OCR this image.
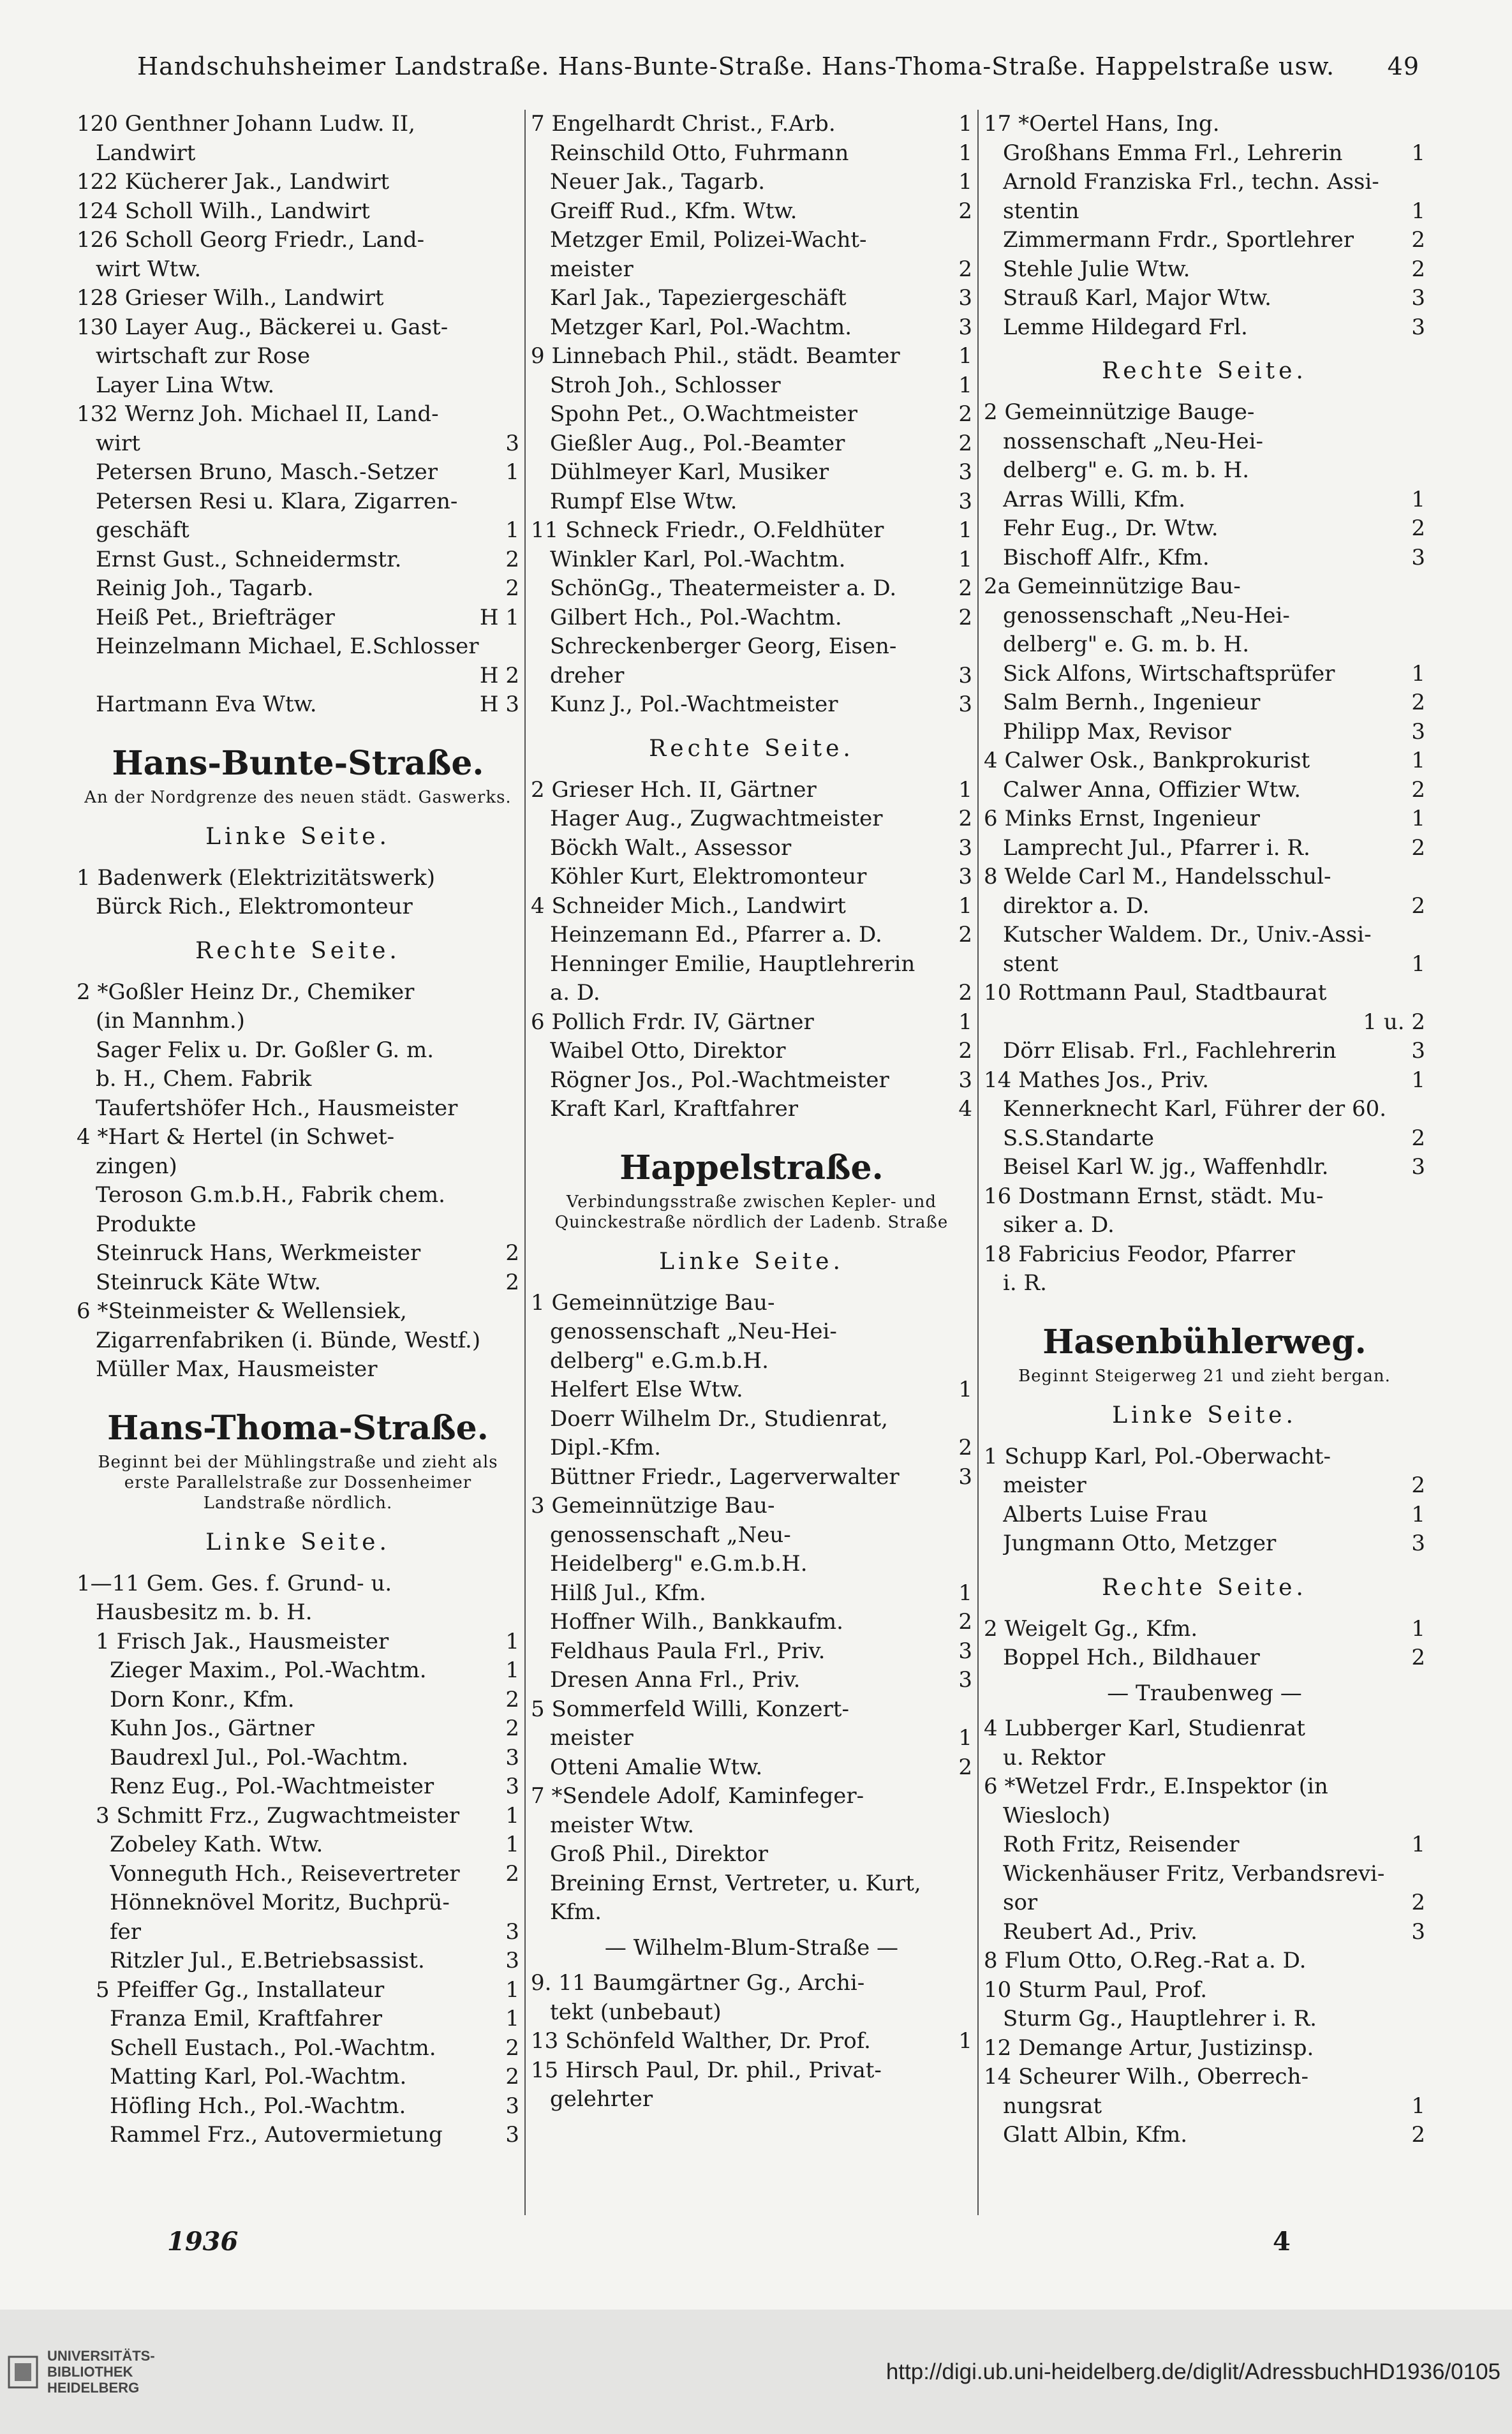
Handschuhsheimer Landstraße. Hans-Bunte-Straße. Hans-Thoma-Straße. Happelstraße usw. 49
120 Genthner Johann Ludw. II,
Landwirt
122 Kücherer Jak., Landwirt
124 Scholl Wilh., Landwirt
126 Scholl Georg Friedr., Land-
wirt Wtw.
128 Grieser Wilh., Landwirt
130 Layer Aug., Bäckerei u. Gast-
wirtschaft zur Rose
Layer Lina Wtw.
132 Wernz Joh. Michael II, Land-
wirt	3
Petersen Bruno, Masch.-Setzer	1
Petersen Resi u. Klara, Zigarren-
geschäft	1
Ernst Gust., Schneidermstr.	2
Reinig Joh., Tagarb.	2
Heiß Pet., Briefträger	H 1
Heinzelmann Michael, E.Schlosser
H 2
Hartmann Eva Wtw.	H 3
Hans-Bunte-Straße.
An der Nordgrenze des neuen städt. Gaswerks.
Linke Seite.
1 Badenwerk (Elektrizitätswerk)
Bürck Rich., Elektromonteur
Rechte Seite.
2 *Goßler Heinz Dr., Chemiker
(in Mannhm.)
Sager Felix u. Dr. Goßler G. m.
b. H., Chem. Fabrik
Taufertshöfer Hch., Hausmeister
4 *Hart & Hertel (in Schwet-
zingen)
Teroson G.m.b.H., Fabrik chem.
Produkte
Steinruck Hans, Werkmeister	2
Steinruck Käte Wtw.	2
6 *Steinmeister & Wellensiek,
Zigarrenfabriken (i. Bünde, Westf.)
Müller Max, Hausmeister
Hans-Thoma-Straße.
Beginnt bei der Mühlingstraße und zieht als erste Parallelstraße zur Dossenheimer Landstraße nördlich.
Linke Seite.
1—11 Gem. Ges. f. Grund- u.
Hausbesitz m. b. H.
1 Frisch Jak., Hausmeister	1
Zieger Maxim., Pol.-Wachtm.	1
Dorn Konr., Kfm.	2
Kuhn Jos., Gärtner	2
Baudrexl Jul., Pol.-Wachtm.	3
Renz Eug., Pol.-Wachtmeister	3
3 Schmitt Frz., Zugwachtmeister	1
Zobeley Kath. Wtw.	1
Vonneguth Hch., Reisevertreter	2
Hönneknövel Moritz, Buchprü-
fer	3
Ritzler Jul., E.Betriebsassist.	3
5 Pfeiffer Gg., Installateur	1
Franza Emil, Kraftfahrer	1
Schell Eustach., Pol.-Wachtm.	2
Matting Karl, Pol.-Wachtm.	2
Höfling Hch., Pol.-Wachtm.	3
Rammel Frz., Autovermietung	3
7 Engelhardt Christ., F.Arb.	1
Reinschild Otto, Fuhrmann	1
Neuer Jak., Tagarb.	1
Greiff Rud., Kfm. Wtw.	2
Metzger Emil, Polizei-Wacht-
meister	2
Karl Jak., Tapeziergeschäft	3
Metzger Karl, Pol.-Wachtm.	3
9 Linnebach Phil., städt. Beamter	1
Stroh Joh., Schlosser	1
Spohn Pet., O.Wachtmeister	2
Gießler Aug., Pol.-Beamter	2
Dühlmeyer Karl, Musiker	3
Rumpf Else Wtw.	3
11 Schneck Friedr., O.Feldhüter	1
Winkler Karl, Pol.-Wachtm.	1
SchönGg., Theatermeister a. D.	2
Gilbert Hch., Pol.-Wachtm.	2
Schreckenberger Georg, Eisen-
dreher	3
Kunz J., Pol.-Wachtmeister	3
Rechte Seite.
2 Grieser Hch. II, Gärtner	1
Hager Aug., Zugwachtmeister	2
Böckh Walt., Assessor	3
Köhler Kurt, Elektromonteur	3
4 Schneider Mich., Landwirt	1
Heinzemann Ed., Pfarrer a. D.	2
Henninger Emilie, Hauptlehrerin
a. D.	2
6 Pollich Frdr. IV, Gärtner	1
Waibel Otto, Direktor	2
Rögner Jos., Pol.-Wachtmeister	3
Kraft Karl, Kraftfahrer	4
Happelstraße.
Verbindungsstraße zwischen Kepler- und Quinckestraße nördlich der Ladenb. Straße
Linke Seite.
1 Gemeinnützige Bau-
genossenschaft „Neu-Hei-
delberg" e.G.m.b.H.
Helfert Else Wtw.	1
Doerr Wilhelm Dr., Studienrat,
Dipl.-Kfm.	2
Büttner Friedr., Lagerverwalter	3
3 Gemeinnützige Bau-
genossenschaft „Neu-
Heidelberg" e.G.m.b.H.
Hilß Jul., Kfm.	1
Hoffner Wilh., Bankkaufm.	2
Feldhaus Paula Frl., Priv.	3
Dresen Anna Frl., Priv.	3
5 Sommerfeld Willi, Konzert-
meister	1
Otteni Amalie Wtw.	2
7 *Sendele Adolf, Kaminfeger-
meister Wtw.
Groß Phil., Direktor
Breining Ernst, Vertreter, u. Kurt,
Kfm.
— Wilhelm-Blum-Straße —
9. 11 Baumgärtner Gg., Archi-
tekt (unbebaut)
13 Schönfeld Walther, Dr. Prof.	1
15 Hirsch Paul, Dr. phil., Privat-
gelehrter
17 *Oertel Hans, Ing.
Großhans Emma Frl., Lehrerin	1
Arnold Franziska Frl., techn. Assi-
stentin	1
Zimmermann Frdr., Sportlehrer	2
Stehle Julie Wtw.	2
Strauß Karl, Major Wtw.	3
Lemme Hildegard Frl.	3
Rechte Seite.
2 Gemeinnützige Bauge-
nossenschaft „Neu-Hei-
delberg" e. G. m. b. H.
Arras Willi, Kfm.	1
Fehr Eug., Dr. Wtw.	2
Bischoff Alfr., Kfm.	3
2a Gemeinnützige Bau-
genossenschaft „Neu-Hei-
delberg" e. G. m. b. H.
Sick Alfons, Wirtschaftsprüfer	1
Salm Bernh., Ingenieur	2
Philipp Max, Revisor	3
4 Calwer Osk., Bankprokurist	1
Calwer Anna, Offizier Wtw.	2
6 Minks Ernst, Ingenieur	1
Lamprecht Jul., Pfarrer i. R.	2
8 Welde Carl M., Handelsschul-
direktor a. D.	2
Kutscher Waldem. Dr., Univ.-Assi-
stent	1
10 Rottmann Paul, Stadtbaurat
1 u. 2
Dörr Elisab. Frl., Fachlehrerin	3
14 Mathes Jos., Priv.	1
Kennerknecht Karl, Führer der 60.
S.S.Standarte	2
Beisel Karl W. jg., Waffenhdlr.	3
16 Dostmann Ernst, städt. Mu-
siker a. D.
18 Fabricius Feodor, Pfarrer
i. R.
Hasenbühlerweg.
Beginnt Steigerweg 21 und zieht bergan.
Linke Seite.
1 Schupp Karl, Pol.-Oberwacht-
meister	2
Alberts Luise Frau	1
Jungmann Otto, Metzger	3
Rechte Seite.
2 Weigelt Gg., Kfm.	1
Boppel Hch., Bildhauer	2
— Traubenweg —
4 Lubberger Karl, Studienrat
u. Rektor
6 *Wetzel Frdr., E.Inspektor (in
Wiesloch)
Roth Fritz, Reisender	1
Wickenhäuser Fritz, Verbandsrevi-
sor	2
Reubert Ad., Priv.	3
8 Flum Otto, O.Reg.-Rat a. D.
10 Sturm Paul, Prof.
Sturm Gg., Hauptlehrer i. R.
12 Demange Artur, Justizinsp.
14 Scheurer Wilh., Oberrech-
nungsrat	1
Glatt Albin, Kfm.	2
1936	4
UNIVERSITÄTS-
BIBLIOTHEK
HEIDELBERG
http://digi.ub.uni-heidelberg.de/diglit/AdressbuchHD1936/0105
